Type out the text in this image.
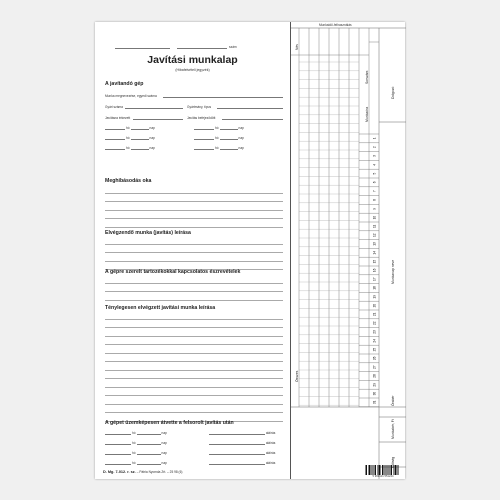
szám
Javítási munkalap
(Hibafelvételi jegyzék)
A javítandó gép
Munka megnevezése, egyedi száma
Gyári száma	Gyártmány, típus
Javításra érkezett	Javítás befejeződött
hó	nap	hó	nap
hó	nap	hó	nap
hó	nap	hó	nap
Meghibásodás oka
Elvégzendő munka (javítás) leírása
A gépre szerelt tartozékokkal kapcsolatos észrevételek
Ténylegesen elvégzett javítási munka leírása
A gépet üzemképesen átvette a felsorolt javítás után
hó	nap	aláírás
hó	nap	aláírás
hó	nap	aláírás
hó	nap	aláírás
D. Mg. 7-012. r. sz. – Pátria Nyomda Zrt. – 25 98 (6)
1
2
3
4
5
6
7
8
9
10
11
12
13
14
15
16
17
18
19
20
21
22
23
24
25
26
27
28
29
30
31
Munkaidő-felhasználás
Név
Sorszám
Munkaóra
Összes
Dolgozó
Munkanap neve
Órabér
Munkabér, Ft
Költség
5 999101 551244
